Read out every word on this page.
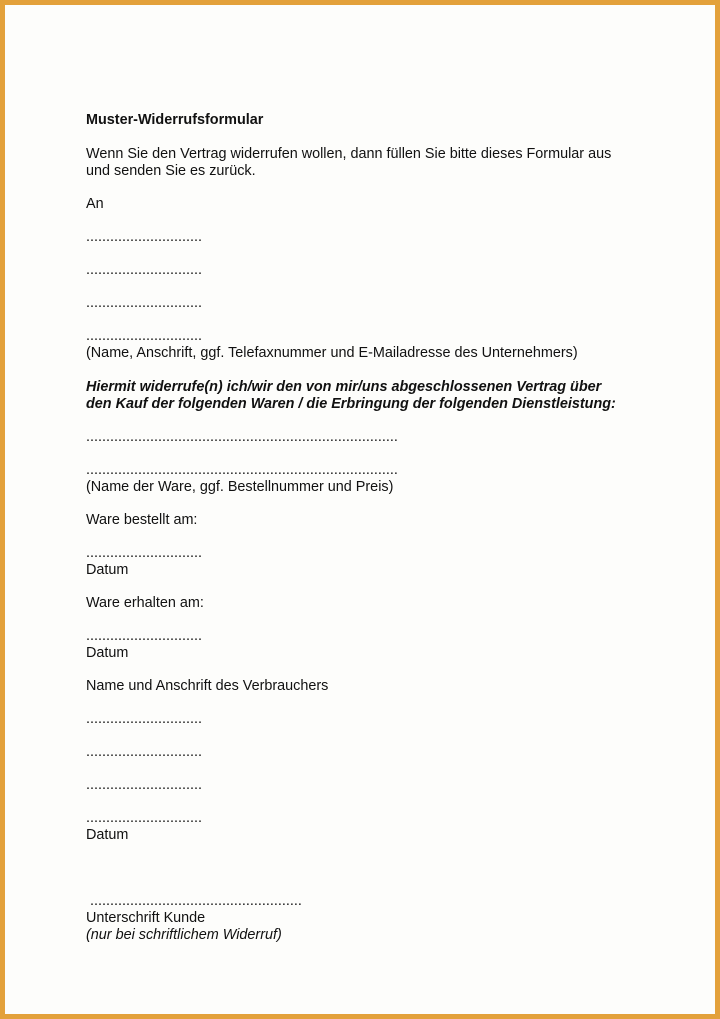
Muster-Widerrufsformular

Wenn Sie den Vertrag widerrufen wollen, dann füllen Sie bitte dieses Formular aus

und senden Sie es zurück.

An

.............................

.............................

.............................

.............................

(Name, Anschrift, ggf. Telefaxnummer und E-Mailadresse des Unternehmers)

Hiermit widerrufe(n) ich/wir den von mir/uns abgeschlossenen Vertrag über

den Kauf der folgenden Waren / die Erbringung der folgenden Dienstleistung:

..............................................................................

..............................................................................

(Name der Ware, ggf. Bestellnummer und Preis)

Ware bestellt am:

.............................

Datum

Ware erhalten am:

.............................

Datum

Name und Anschrift des Verbrauchers

.............................

.............................

.............................

.............................

Datum

.....................................................

Unterschrift Kunde

(nur bei schriftlichem Widerruf)
